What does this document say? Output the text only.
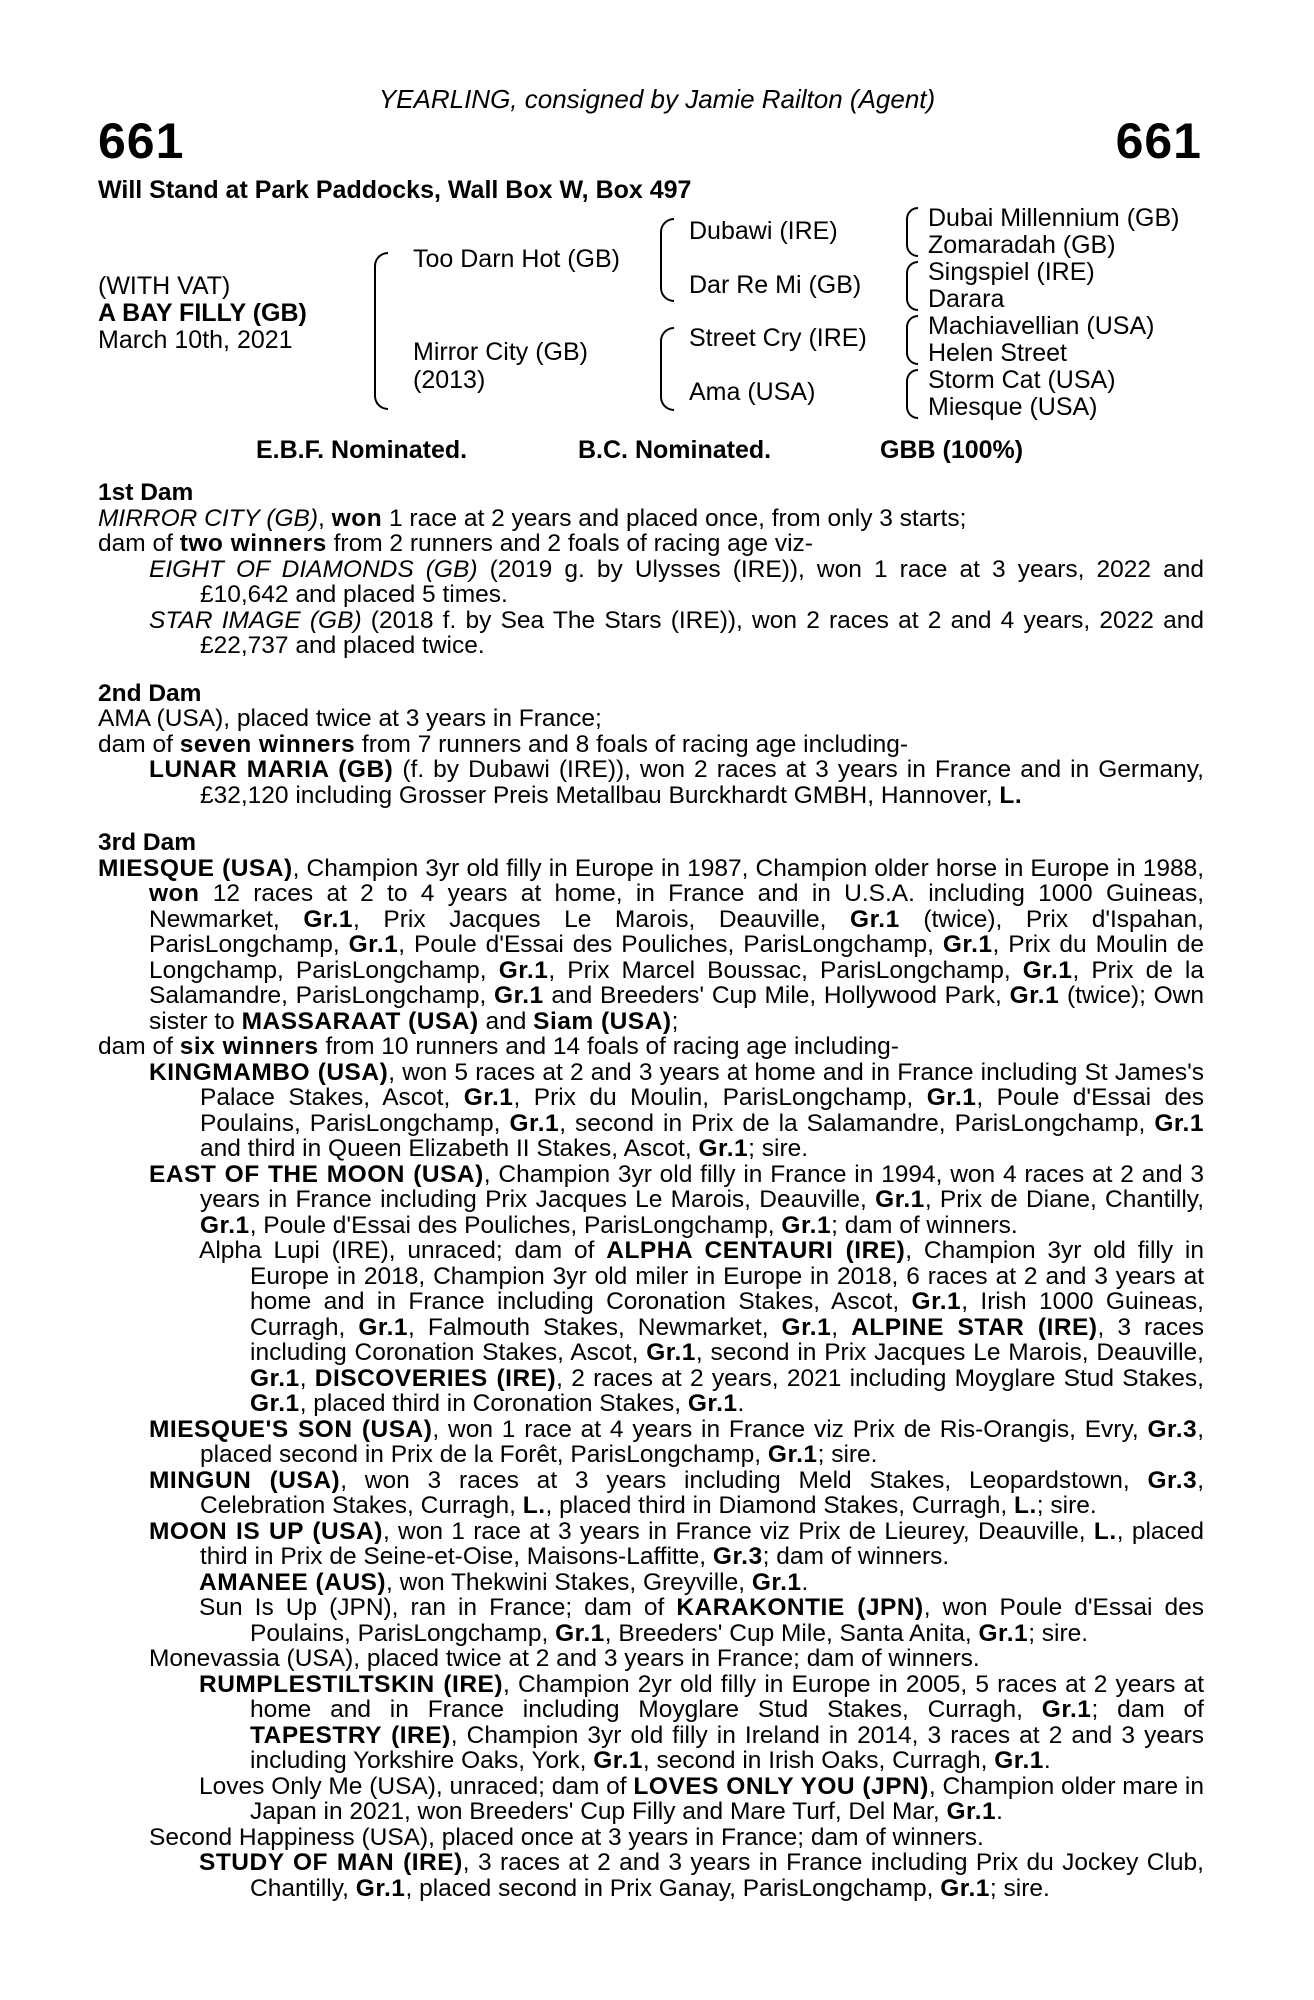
YEARLING, consigned by Jamie Railton (Agent)
661	661
Will Stand at Park Paddocks, Wall Box W, Box 497
(WITH VAT)
A BAY FILLY (GB)
March 10th, 2021
Too Darn Hot (GB)
Mirror City (GB)
(2013)
Dubawi (IRE)
Dar Re Mi (GB)
Street Cry (IRE)
Ama (USA)
Dubai Millennium (GB)
Zomaradah (GB)
Singspiel (IRE)
Darara
Machiavellian (USA)
Helen Street
Storm Cat (USA)
Miesque (USA)
E.B.F. Nominated.	B.C. Nominated.	GBB (100%)
1st Dam
MIRROR CITY (GB), won 1 race at 2 years and placed once, from only 3 starts;
dam of two winners from 2 runners and 2 foals of racing age viz-
EIGHT OF DIAMONDS (GB) (2019 g. by Ulysses (IRE)), won 1 race at 3 years, 2022 and £10,642 and placed 5 times.
STAR IMAGE (GB) (2018 f. by Sea The Stars (IRE)), won 2 races at 2 and 4 years, 2022 and £22,737 and placed twice.
2nd Dam
AMA (USA), placed twice at 3 years in France;
dam of seven winners from 7 runners and 8 foals of racing age including-
LUNAR MARIA (GB) (f. by Dubawi (IRE)), won 2 races at 3 years in France and in Germany, £32,120 including Grosser Preis Metallbau Burckhardt GMBH, Hannover, L.
3rd Dam
MIESQUE (USA), Champion 3yr old filly in Europe in 1987, Champion older horse in Europe in 1988, won 12 races at 2 to 4 years at home, in France and in U.S.A. including 1000 Guineas, Newmarket, Gr.1, Prix Jacques Le Marois, Deauville, Gr.1 (twice), Prix d'Ispahan, ParisLongchamp, Gr.1, Poule d'Essai des Pouliches, ParisLongchamp, Gr.1, Prix du Moulin de Longchamp, ParisLongchamp, Gr.1, Prix Marcel Boussac, ParisLongchamp, Gr.1, Prix de la Salamandre, ParisLongchamp, Gr.1 and Breeders' Cup Mile, Hollywood Park, Gr.1 (twice); Own sister to MASSARAAT (USA) and Siam (USA);
dam of six winners from 10 runners and 14 foals of racing age including-
KINGMAMBO (USA), won 5 races at 2 and 3 years at home and in France including St James's Palace Stakes, Ascot, Gr.1, Prix du Moulin, ParisLongchamp, Gr.1, Poule d'Essai des Poulains, ParisLongchamp, Gr.1, second in Prix de la Salamandre, ParisLongchamp, Gr.1 and third in Queen Elizabeth II Stakes, Ascot, Gr.1; sire.
EAST OF THE MOON (USA), Champion 3yr old filly in France in 1994, won 4 races at 2 and 3 years in France including Prix Jacques Le Marois, Deauville, Gr.1, Prix de Diane, Chantilly, Gr.1, Poule d'Essai des Pouliches, ParisLongchamp, Gr.1; dam of winners.
Alpha Lupi (IRE), unraced; dam of ALPHA CENTAURI (IRE), Champion 3yr old filly in Europe in 2018, Champion 3yr old miler in Europe in 2018, 6 races at 2 and 3 years at home and in France including Coronation Stakes, Ascot, Gr.1, Irish 1000 Guineas, Curragh, Gr.1, Falmouth Stakes, Newmarket, Gr.1, ALPINE STAR (IRE), 3 races including Coronation Stakes, Ascot, Gr.1, second in Prix Jacques Le Marois, Deauville, Gr.1, DISCOVERIES (IRE), 2 races at 2 years, 2021 including Moyglare Stud Stakes, Gr.1, placed third in Coronation Stakes, Gr.1.
MIESQUE'S SON (USA), won 1 race at 4 years in France viz Prix de Ris-Orangis, Evry, Gr.3, placed second in Prix de la Forêt, ParisLongchamp, Gr.1; sire.
MINGUN (USA), won 3 races at 3 years including Meld Stakes, Leopardstown, Gr.3, Celebration Stakes, Curragh, L., placed third in Diamond Stakes, Curragh, L.; sire.
MOON IS UP (USA), won 1 race at 3 years in France viz Prix de Lieurey, Deauville, L., placed third in Prix de Seine-et-Oise, Maisons-Laffitte, Gr.3; dam of winners.
AMANEE (AUS), won Thekwini Stakes, Greyville, Gr.1.
Sun Is Up (JPN), ran in France; dam of KARAKONTIE (JPN), won Poule d'Essai des Poulains, ParisLongchamp, Gr.1, Breeders' Cup Mile, Santa Anita, Gr.1; sire.
Monevassia (USA), placed twice at 2 and 3 years in France; dam of winners.
RUMPLESTILTSKIN (IRE), Champion 2yr old filly in Europe in 2005, 5 races at 2 years at home and in France including Moyglare Stud Stakes, Curragh, Gr.1; dam of TAPESTRY (IRE), Champion 3yr old filly in Ireland in 2014, 3 races at 2 and 3 years including Yorkshire Oaks, York, Gr.1, second in Irish Oaks, Curragh, Gr.1.
Loves Only Me (USA), unraced; dam of LOVES ONLY YOU (JPN), Champion older mare in Japan in 2021, won Breeders' Cup Filly and Mare Turf, Del Mar, Gr.1.
Second Happiness (USA), placed once at 3 years in France; dam of winners.
STUDY OF MAN (IRE), 3 races at 2 and 3 years in France including Prix du Jockey Club, Chantilly, Gr.1, placed second in Prix Ganay, ParisLongchamp, Gr.1; sire.
